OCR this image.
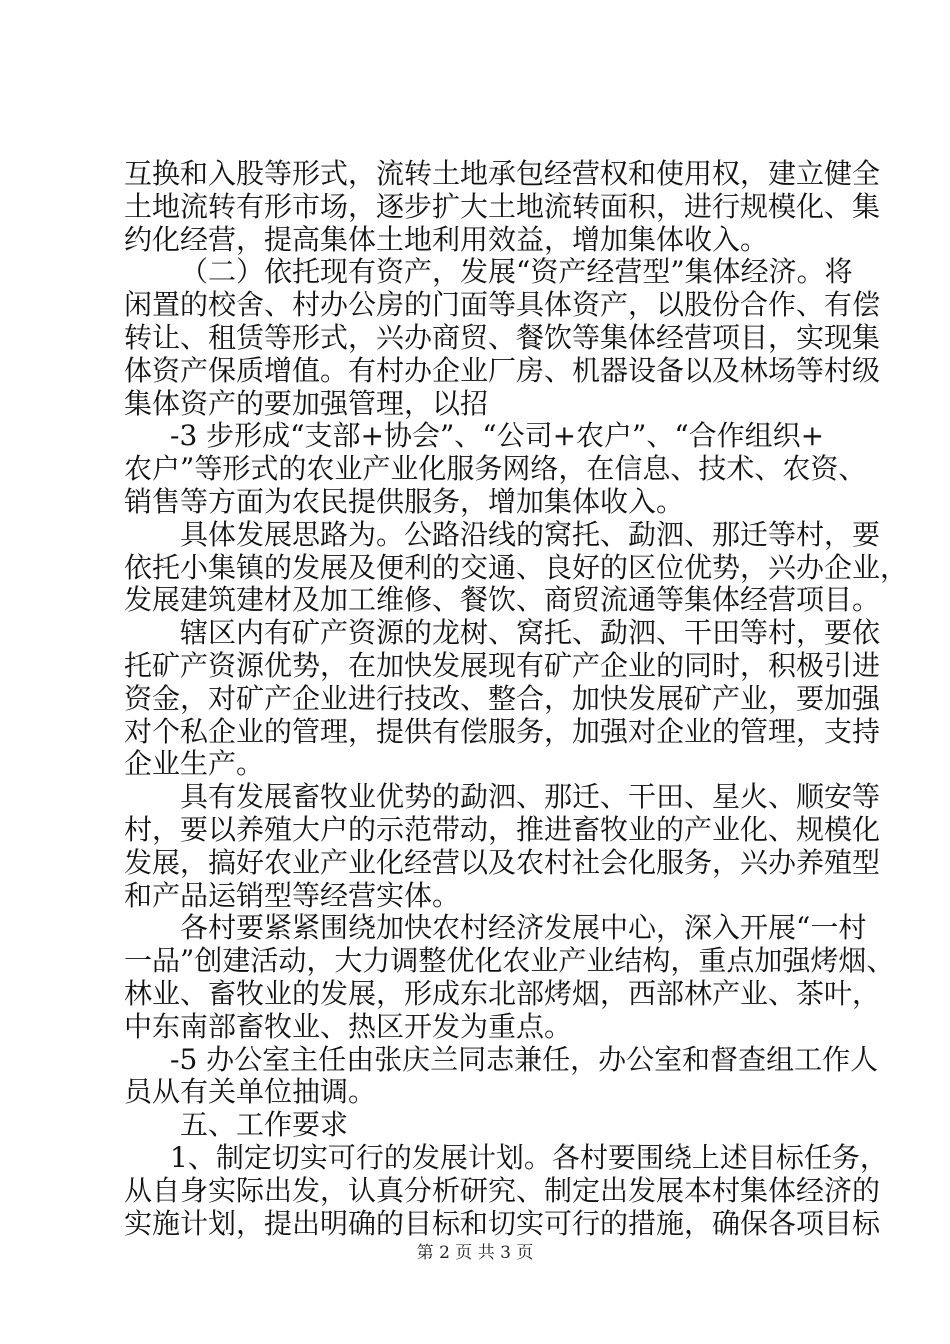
互换和入股等形式，流转土地承包经营权和使用权，建立健全
土地流转有形市场，逐步扩大土地流转面积，进行规模化、集
约化经营，提高集体土地利用效益，增加集体收入。
（二）依托现有资产，发展“资产经营型”集体经济。将
闲置的校舍、村办公房的门面等具体资产，以股份合作、有偿
转让、租赁等形式，兴办商贸、餐饮等集体经营项目，实现集
体资产保质增值。有村办企业厂房、机器设备以及林场等村级
集体资产的要加强管理，以招
-3 步形成“支部+协会”、“公司+农户”、“合作组织+
农户”等形式的农业产业化服务网络，在信息、技术、农资、
销售等方面为农民提供服务，增加集体收入。
具体发展思路为。公路沿线的窝托、勐泗、那迁等村，要
依托小集镇的发展及便利的交通、良好的区位优势，兴办企业，
发展建筑建材及加工维修、餐饮、商贸流通等集体经营项目。
辖区内有矿产资源的龙树、窝托、勐泗、干田等村，要依
托矿产资源优势，在加快发展现有矿产企业的同时，积极引进
资金，对矿产企业进行技改、整合，加快发展矿产业，要加强
对个私企业的管理，提供有偿服务，加强对企业的管理，支持
企业生产。
具有发展畜牧业优势的勐泗、那迁、干田、星火、顺安等
村，要以养殖大户的示范带动，推进畜牧业的产业化、规模化
发展，搞好农业产业化经营以及农村社会化服务，兴办养殖型
和产品运销型等经营实体。
各村要紧紧围绕加快农村经济发展中心，深入开展“一村
一品”创建活动，大力调整优化农业产业结构，重点加强烤烟、
林业、畜牧业的发展，形成东北部烤烟，西部林产业、茶叶，
中东南部畜牧业、热区开发为重点。
-5 办公室主任由张庆兰同志兼任，办公室和督查组工作人
员从有关单位抽调。
五、工作要求
1、制定切实可行的发展计划。各村要围绕上述目标任务，
从自身实际出发，认真分析研究、制定出发展本村集体经济的
实施计划，提出明确的目标和切实可行的措施，确保各项目标
第 2 页 共 3 页
